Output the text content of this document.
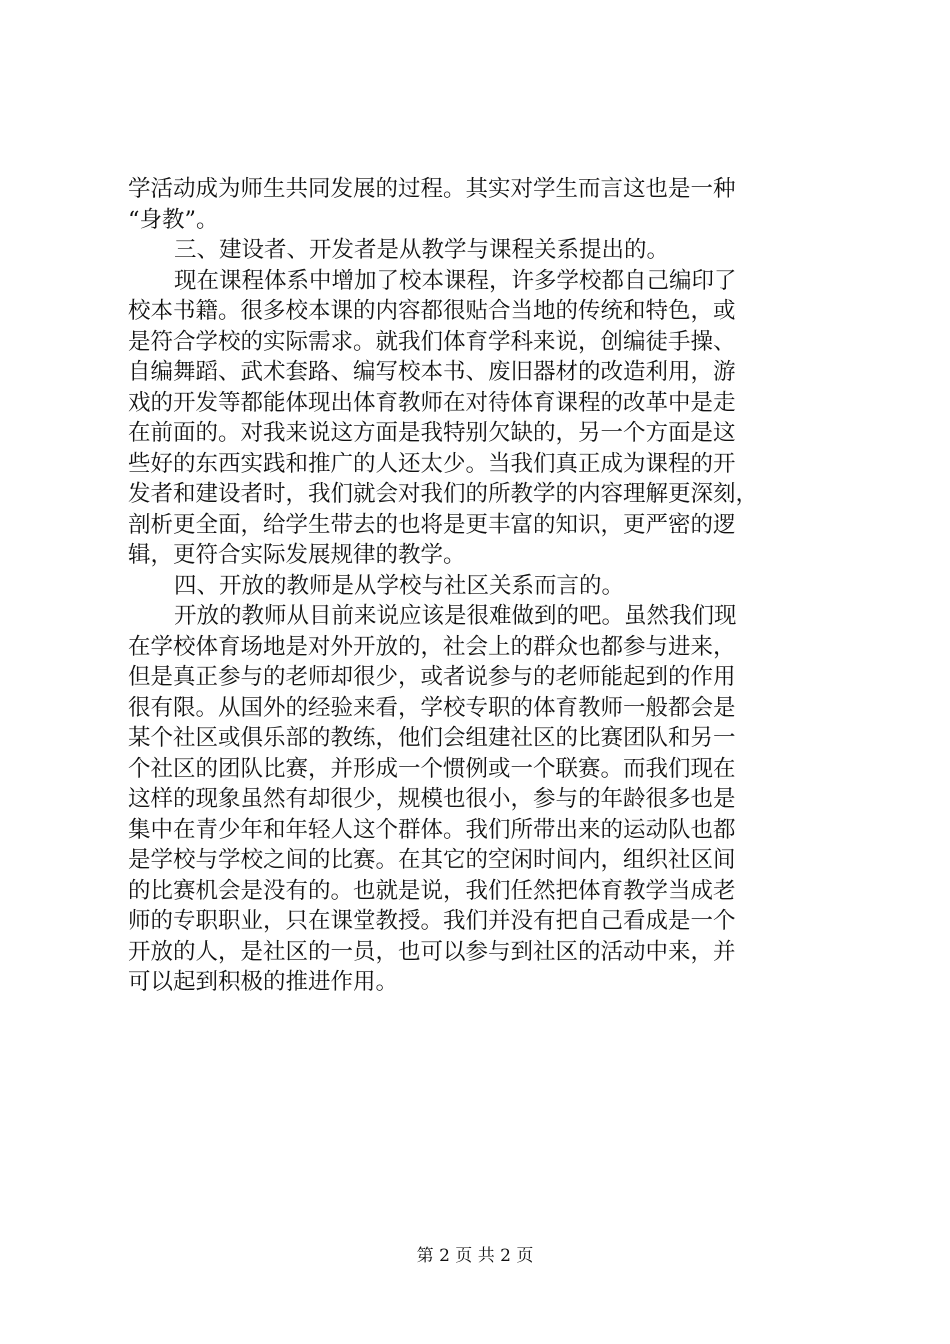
学活动成为师生共同发展的过程。其实对学生而言这也是一种
“身教”。
三、建设者、开发者是从教学与课程关系提出的。
现在课程体系中增加了校本课程，许多学校都自己编印了
校本书籍。很多校本课的内容都很贴合当地的传统和特色，或
是符合学校的实际需求。就我们体育学科来说，创编徒手操、
自编舞蹈、武术套路、编写校本书、废旧器材的改造利用，游
戏的开发等都能体现出体育教师在对待体育课程的改革中是走
在前面的。对我来说这方面是我特别欠缺的，另一个方面是这
些好的东西实践和推广的人还太少。当我们真正成为课程的开
发者和建设者时，我们就会对我们的所教学的内容理解更深刻，
剖析更全面，给学生带去的也将是更丰富的知识，更严密的逻
辑，更符合实际发展规律的教学。
四、开放的教师是从学校与社区关系而言的。
开放的教师从目前来说应该是很难做到的吧。虽然我们现
在学校体育场地是对外开放的，社会上的群众也都参与进来，
但是真正参与的老师却很少，或者说参与的老师能起到的作用
很有限。从国外的经验来看，学校专职的体育教师一般都会是
某个社区或俱乐部的教练，他们会组建社区的比赛团队和另一
个社区的团队比赛，并形成一个惯例或一个联赛。而我们现在
这样的现象虽然有却很少，规模也很小，参与的年龄很多也是
集中在青少年和年轻人这个群体。我们所带出来的运动队也都
是学校与学校之间的比赛。在其它的空闲时间内，组织社区间
的比赛机会是没有的。也就是说，我们任然把体育教学当成老
师的专职职业，只在课堂教授。我们并没有把自己看成是一个
开放的人，是社区的一员，也可以参与到社区的活动中来，并
可以起到积极的推进作用。
第 2 页 共 2 页
